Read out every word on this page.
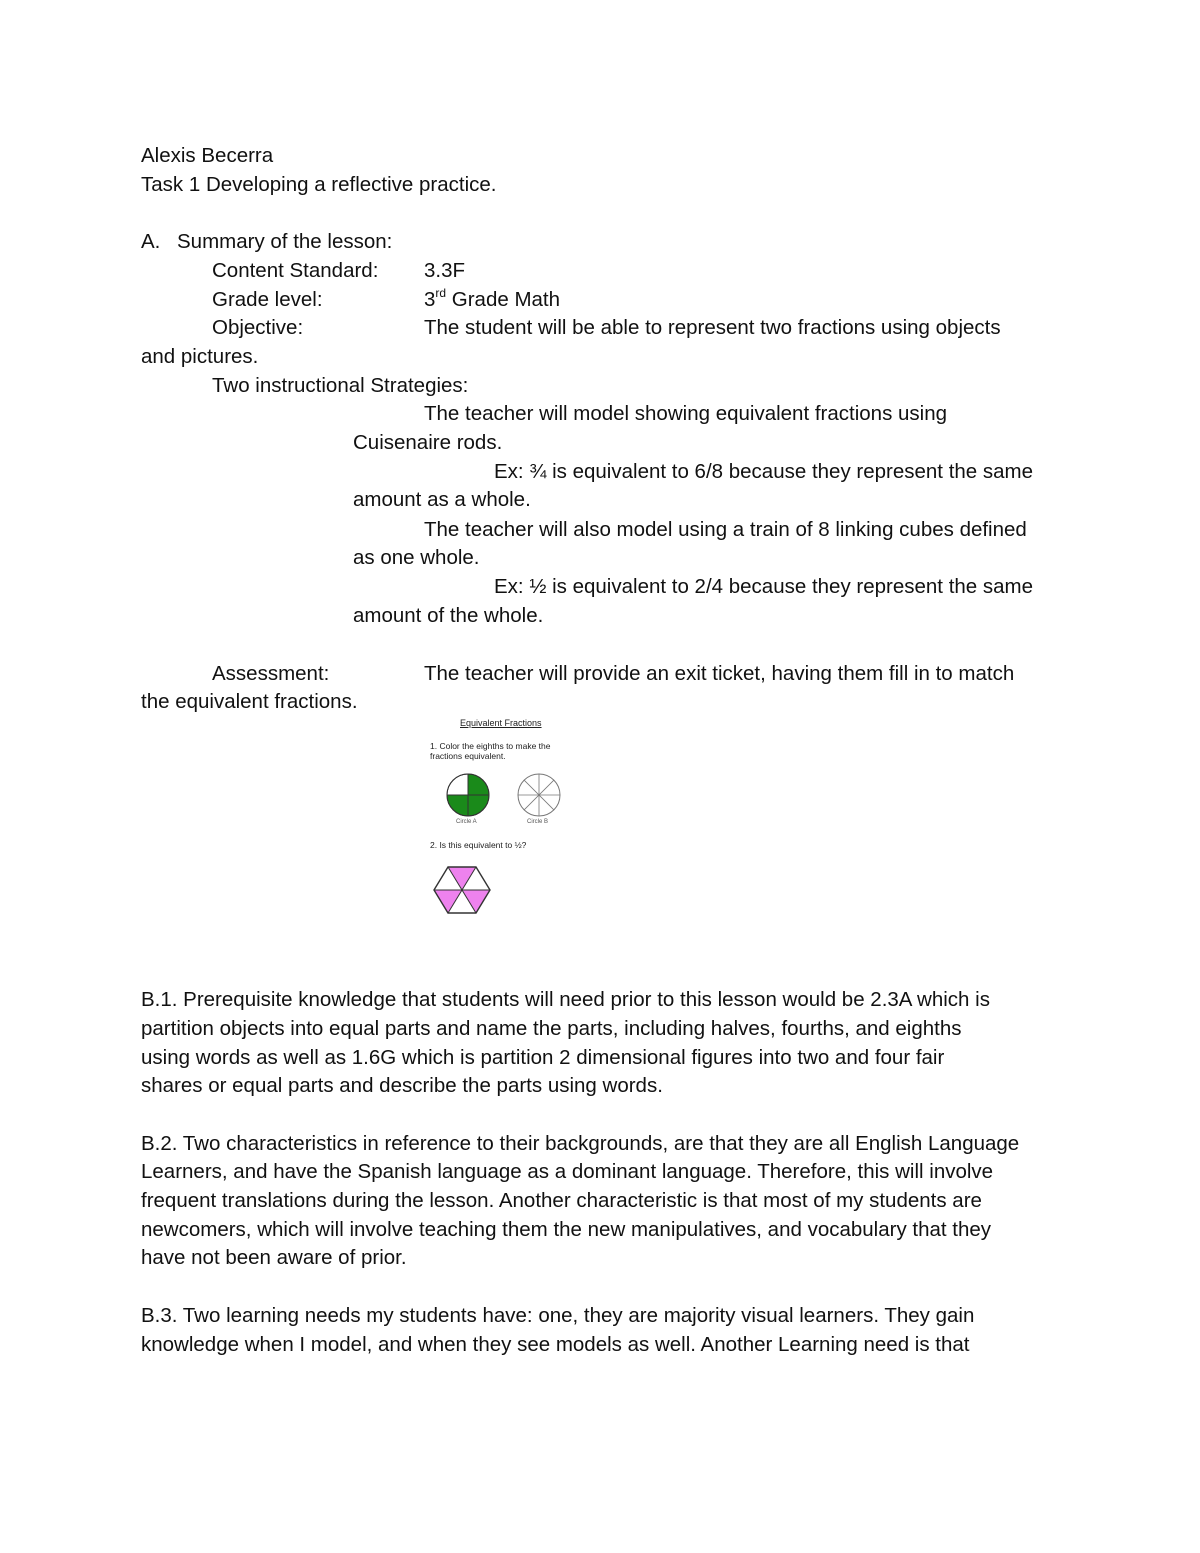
Alexis Becerra
Task 1 Developing a reflective practice.
A. Summary of the lesson:
Content Standard: 3.3F
Grade level:	3rd Grade Math
Objective:	The student will be able to represent two fractions using objects
and pictures.
Two instructional Strategies:
The teacher will model showing equivalent fractions using
Cuisenaire rods.
Ex: ¾ is equivalent to 6/8 because they represent the same
amount as a whole.
The teacher will also model using a train of 8 linking cubes defined
as one whole.
Ex: ½ is equivalent to 2/4 because they represent the same
amount of the whole.
Assessment:	The teacher will provide an exit ticket, having them fill in to match
the equivalent fractions.
Equivalent Fractions
1. Color the eighths to make the
fractions equivalent.
Circle A	Circle B
2. Is this equivalent to ½?
B.1. Prerequisite knowledge that students will need prior to this lesson would be 2.3A which is
partition objects into equal parts and name the parts, including halves, fourths, and eighths
using words as well as 1.6G which is partition 2 dimensional figures into two and four fair
shares or equal parts and describe the parts using words.
B.2. Two characteristics in reference to their backgrounds, are that they are all English Language
Learners, and have the Spanish language as a dominant language. Therefore, this will involve
frequent translations during the lesson. Another characteristic is that most of my students are
newcomers, which will involve teaching them the new manipulatives, and vocabulary that they
have not been aware of prior.
B.3. Two learning needs my students have: one, they are majority visual learners. They gain
knowledge when I model, and when they see models as well. Another Learning need is that
